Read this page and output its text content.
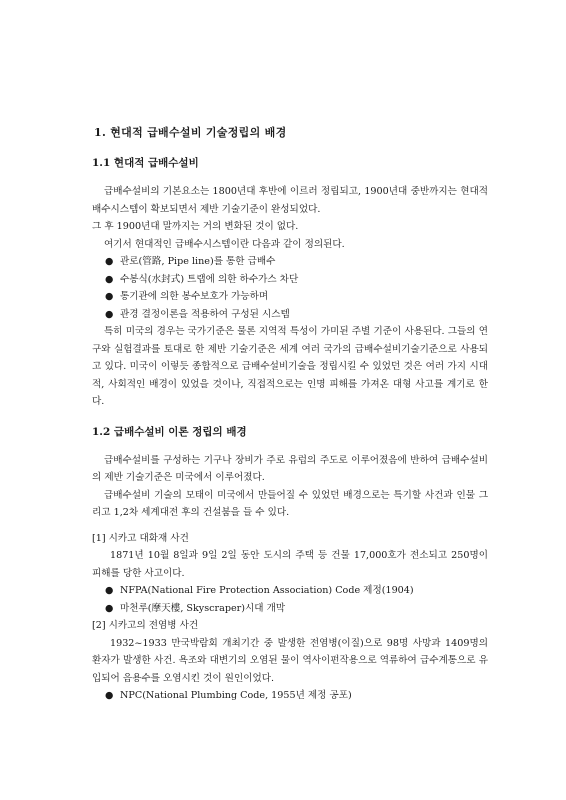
1. 현대적 급배수설비 기술정립의 배경
1.1 현대적 급배수설비

급배수설비의 기본요소는 1800년대 후반에 이르러 정립되고, 1900년대 중반까지는 현대적 배수시스템이 확보되면서 제반 기술기준이 완성되었다.

그 후 1900년대 말까지는 거의 변화된 것이 없다.

여기서 현대적인 급배수시스템이란 다음과 같이 정의된다.

● 관로(管路, Pipe line)를 통한 급배수
● 수봉식(水封式) 트랩에 의한 하수가스 차단
● 통기관에 의한 봉수보호가 가능하며
● 관경 결정이론을 적용하여 구성된 시스템

특히 미국의 경우는 국가기준은 물론 지역적 특성이 가미된 주별 기준이 사용된다. 그들의 연구와 실험결과를 토대로 한 제반 기술기준은 세계 여러 국가의 급배수설비기술기준으로 사용되고 있다. 미국이 이렇듯 종합적으로 급배수설비기술을 정립시킬 수 있었던 것은 여러 가지 시대적, 사회적인 배경이 있었을 것이나, 직접적으로는 인명 피해를 가져온 대형 사고를 계기로 한다.

1.2 급배수설비 이론 정립의 배경

급배수설비를 구성하는 기구나 장비가 주로 유럽의 주도로 이루어졌음에 반하여 급배수설비의 제반 기술기준은 미국에서 이루어졌다.

급배수설비 기술의 모태이 미국에서 만들어질 수 있었던 배경으로는 특기할 사건과 인물 그리고 1,2차 세계대전 후의 건설붐을 들 수 있다.

[1] 시카고 대화재 사건

1871년 10월 8일과 9일 2일 동안 도시의 주택 등 건물 17,000호가 전소되고 250명이 피해를 당한 사고이다.

● NFPA(National Fire Protection Association) Code 제정(1904)
● 마천루(摩天樓, Skyscraper)시대 개막

[2] 시카고의 전염병 사건

1932~1933 만국박람회 개최기간 중 발생한 전염병(이질)으로 98명 사망과 1409명의 환자가 발생한 사건. 욕조와 대변기의 오염된 물이 역사이펀작용으로 역류하여 급수계통으로 유입되어 음용수를 오염시킨 것이 원인이었다.

● NPC(National Plumbing Code, 1955년 제정 공포)
